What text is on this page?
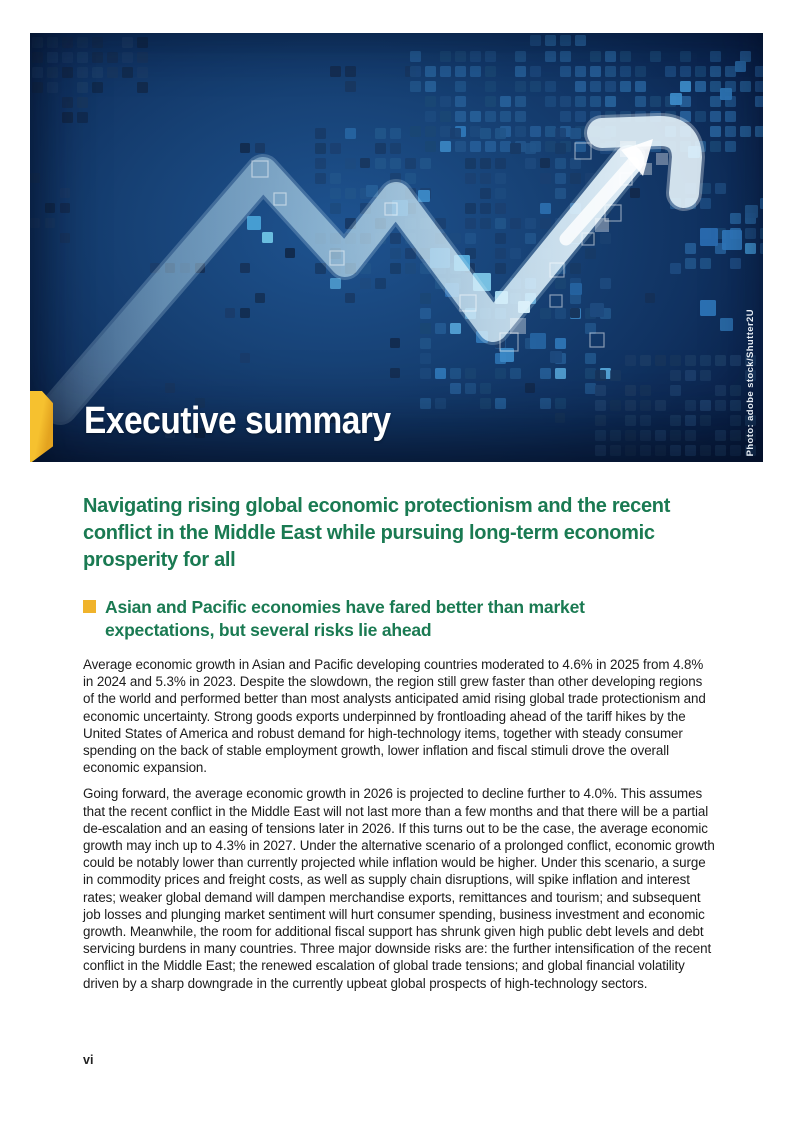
Executive summary	Photo: adobe stock/Shutter2U
Navigating rising global economic protectionism and the recent conflict in the Middle East while pursuing long-term economic prosperity for all
Asian and Pacific economies have fared better than market expectations, but several risks lie ahead

Average economic growth in Asian and Pacific developing countries moderated to 4.6% in 2025 from 4.8% in 2024 and 5.3% in 2023. Despite the slowdown, the region still grew faster than other developing regions of the world and performed better than most analysts anticipated amid rising global trade protectionism and economic uncertainty. Strong goods exports underpinned by frontloading ahead of the tariff hikes by the United States of America and robust demand for high-technology items, together with steady consumer spending on the back of stable employment growth, lower inflation and fiscal stimuli drove the overall economic expansion.

Going forward, the average economic growth in 2026 is projected to decline further to 4.0%. This assumes that the recent conflict in the Middle East will not last more than a few months and that there will be a partial de-escalation and an easing of tensions later in 2026. If this turns out to be the case, the average economic growth may inch up to 4.3% in 2027. Under the alternative scenario of a prolonged conflict, economic growth could be notably lower than currently projected while inflation would be higher. Under this scenario, a surge in commodity prices and freight costs, as well as supply chain disruptions, will spike inflation and interest rates; weaker global demand will dampen merchandise exports, remittances and tourism; and subsequent job losses and plunging market sentiment will hurt consumer spending, business investment and economic growth. Meanwhile, the room for additional fiscal support has shrunk given high public debt levels and debt servicing burdens in many countries. Three major downside risks are: the further intensification of the recent conflict in the Middle East; the renewed escalation of global trade tensions; and global financial volatility driven by a sharp downgrade in the currently upbeat global prospects of high-technology sectors.

vi
